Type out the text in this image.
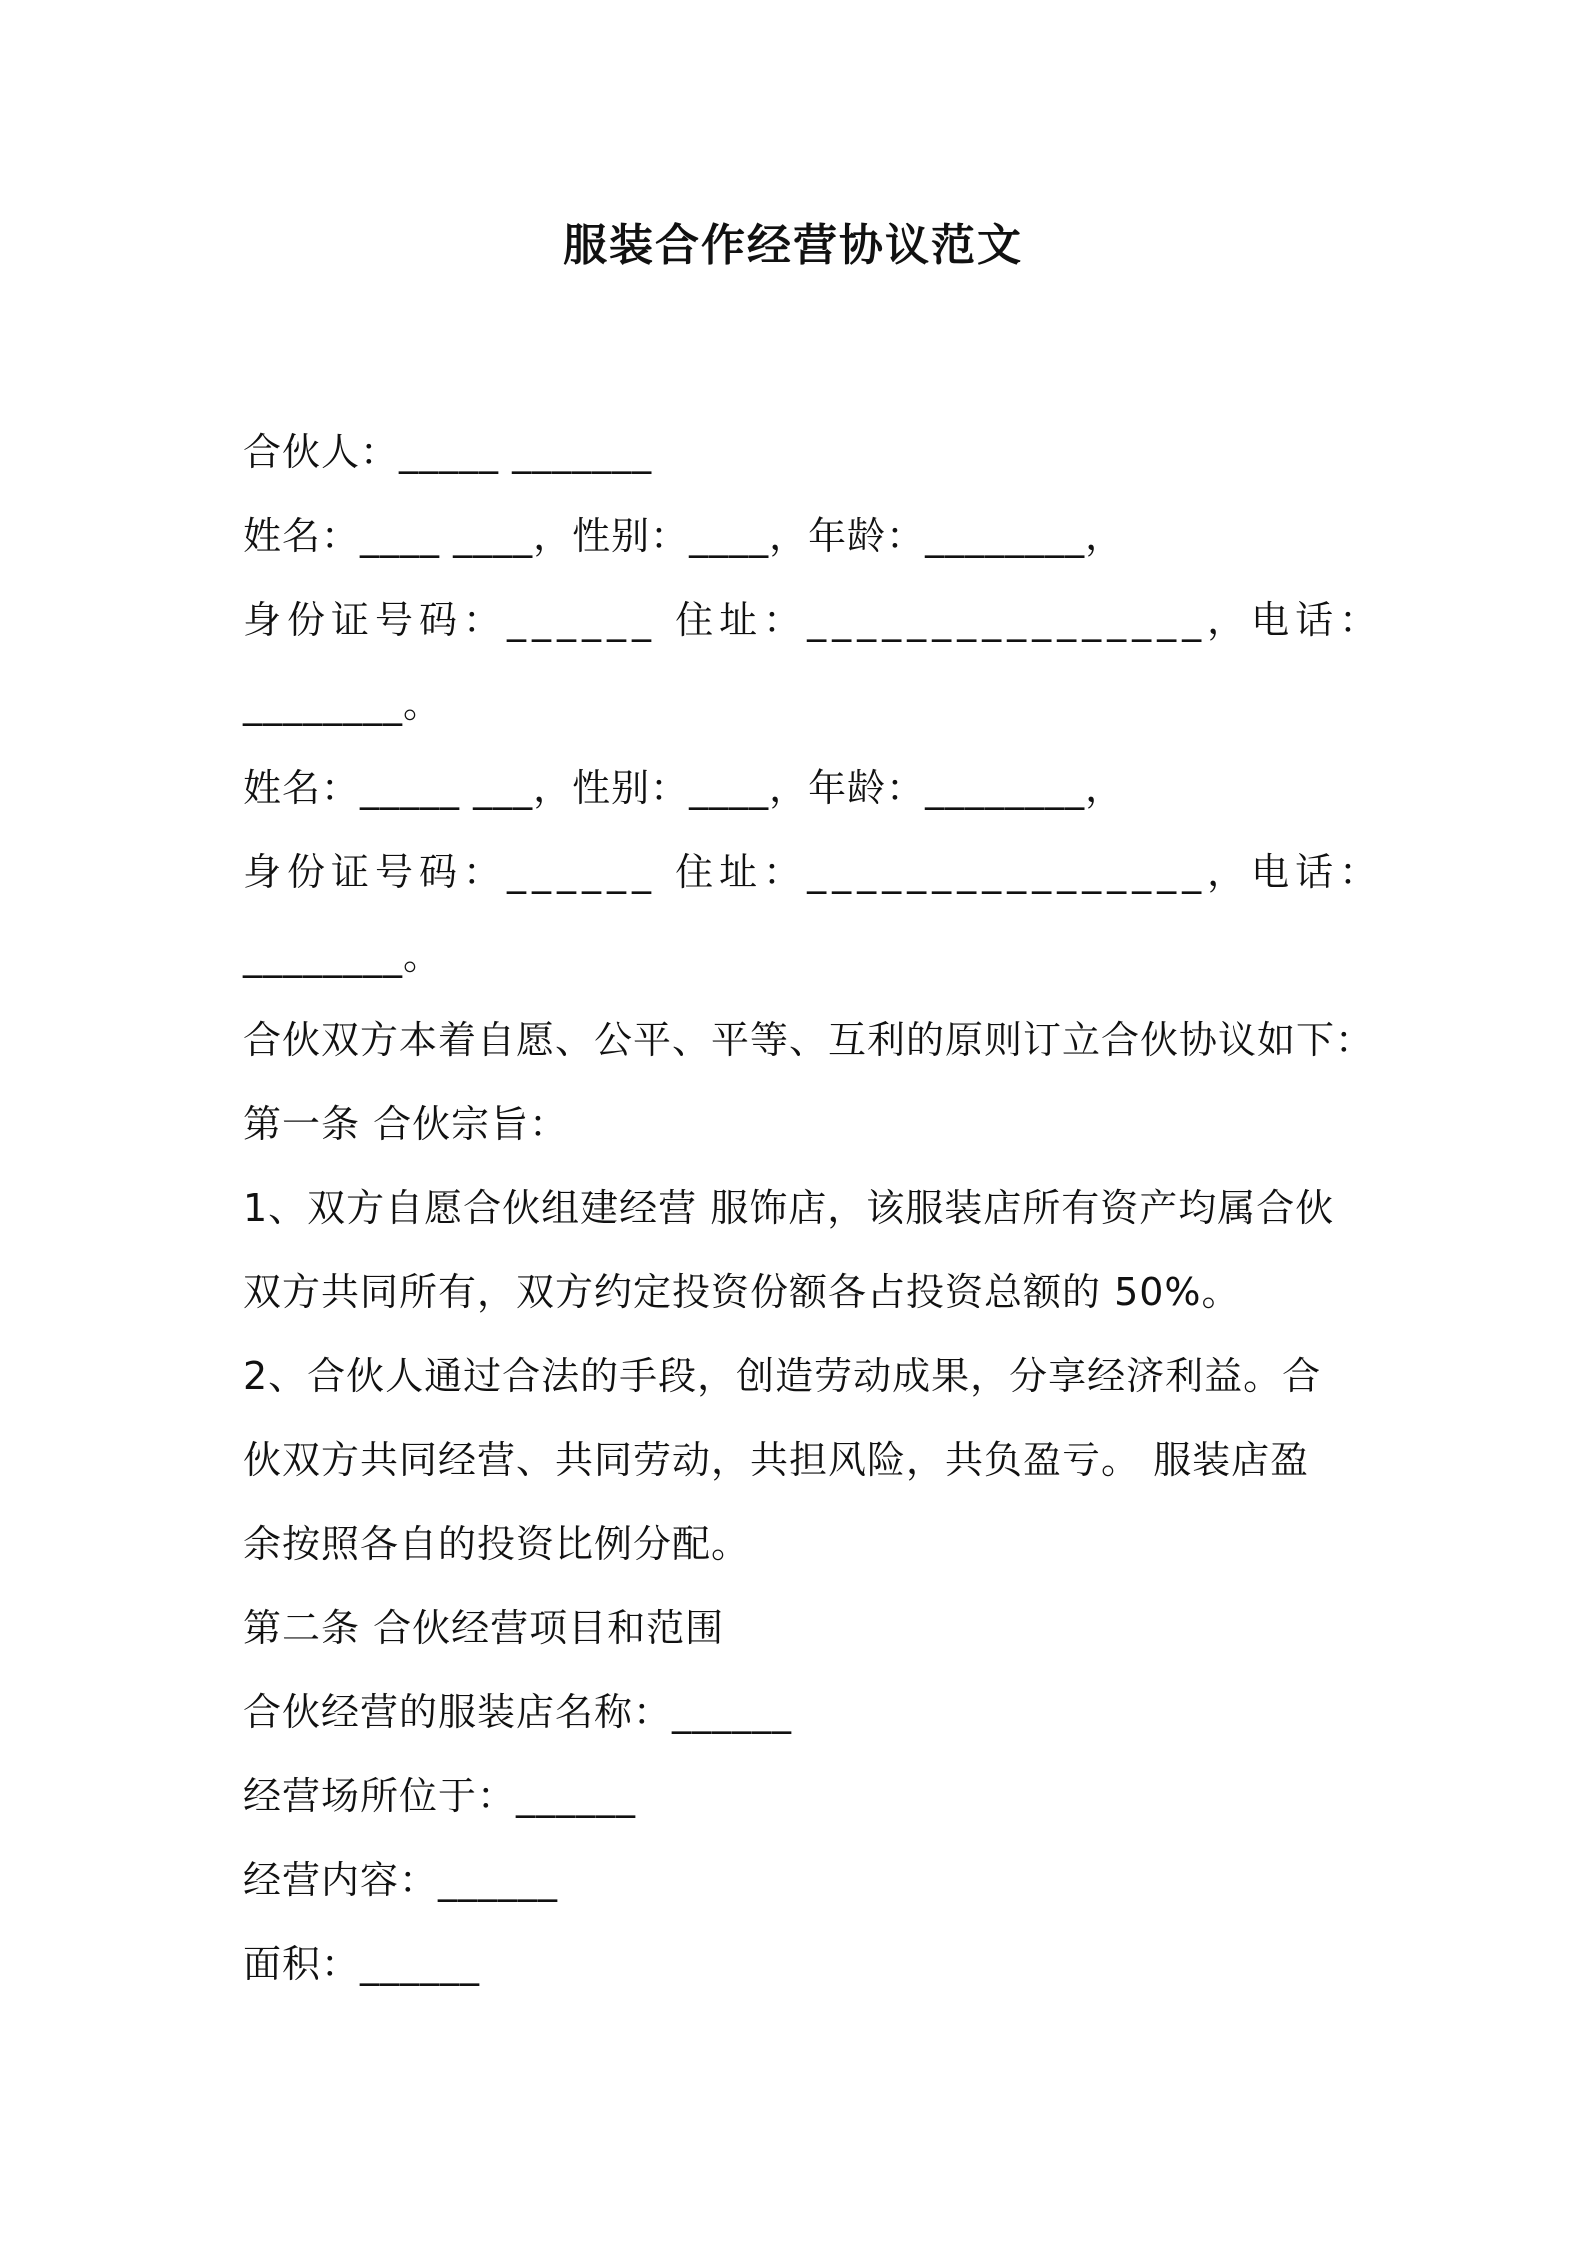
服装合作经营协议范文
合伙人：_____ _______
姓名：____ ____，性别：____，年龄：________，
身份证号码：______ 住址：________________，电话：
________。
姓名：_____ ___，性别：____，年龄：________，
身份证号码：______ 住址：________________，电话：
________。
合伙双方本着自愿、公平、平等、互利的原则订立合伙协议如下：
第一条 合伙宗旨：
1、双方自愿合伙组建经营 服饰店，该服装店所有资产均属合伙
双方共同所有，双方约定投资份额各占投资总额的 50%。
2、合伙人通过合法的手段，创造劳动成果，分享经济利益。合
伙双方共同经营、共同劳动，共担风险，共负盈亏。 服装店盈
余按照各自的投资比例分配。
第二条 合伙经营项目和范围
合伙经营的服装店名称：______
经营场所位于：______
经营内容：______
面积：______
